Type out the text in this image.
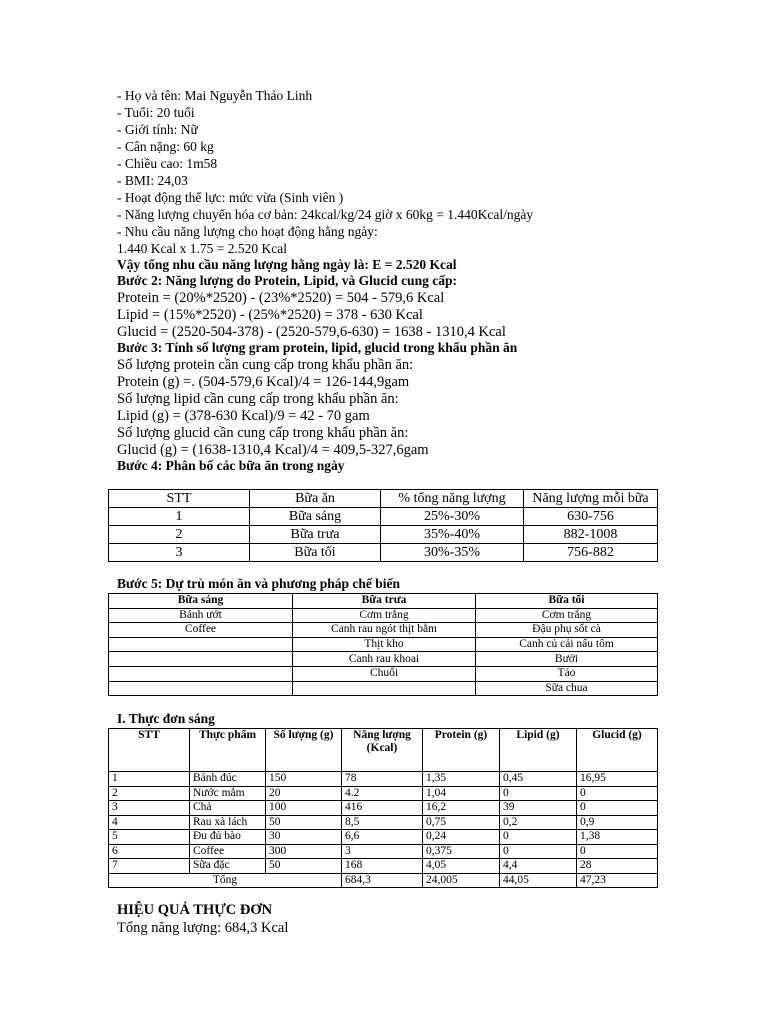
- Họ và tên: Mai Nguyễn Thảo Linh
- Tuổi: 20 tuổi
- Giới tính: Nữ
- Cân nặng: 60 kg
- Chiều cao: 1m58
- BMI: 24,03
- Hoạt động thể lực: mức vừa (Sinh viên )
- Năng lượng chuyển hóa cơ bản: 24kcal/kg/24 giờ x 60kg = 1.440Kcal/ngày
- Nhu cầu năng lượng cho hoạt động hằng ngày:
1.440 Kcal x 1.75 = 2.520 Kcal
Vậy tổng nhu cầu năng lượng hằng ngày là: E = 2.520 Kcal
Bước 2: Năng lượng do Protein, Lipid, và Glucid cung cấp:
Protein = (20%*2520) - (23%*2520) = 504 - 579,6 Kcal
Lipid = (15%*2520) - (25%*2520) = 378 - 630 Kcal
Glucid = (2520-504-378) - (2520-579,6-630) = 1638 - 1310,4 Kcal
Bước 3: Tính số lượng gram protein, lipid, glucid trong khẩu phần ăn
Số lượng protein cần cung cấp trong khẩu phần ăn:
Protein (g) =. (504-579,6 Kcal)/4 = 126-144,9gam
Số lượng lipid cần cung cấp trong khẩu phần ăn:
Lipid (g) = (378-630 Kcal)/9 = 42 - 70 gam
Số lượng glucid cần cung cấp trong khẩu phần ăn:
Glucid (g) = (1638-1310,4 Kcal)/4 = 409,5-327,6gam
Bước 4: Phân bố các bữa ăn trong ngày
STT	Bữa ăn	% tổng năng lượng	Năng lượng mỗi bữa
1	Bữa sáng	25%-30%	630-756
2	Bữa trưa	35%-40%	882-1008
3	Bữa tối	30%-35%	756-882
Bước 5: Dự trù món ăn và phương pháp chế biến
Bữa sáng	Bữa trưa	Bữa tối
Bánh ướt	Cơm trắng	Cơm trắng
Coffee	Canh rau ngót thịt bằm	Đậu phụ sốt cà
	Thịt kho	Canh củ cải nấu tôm
	Canh rau khoai	Bưởi
	Chuối	Táo
		Sữa chua
I. Thực đơn sáng
STT	Thực phẩm	Số lượng (g)	Năng lượng (Kcal)	Protein (g)	Lipid (g)	Glucid (g)
1	Bánh đúc	150	78	1,35	0,45	16,95
2	Nước mắm	20	4.2	1,04	0	0
3	Chả	100	416	16,2	39	0
4	Rau xà lách	50	8,5	0,75	0,2	0,9
5	Đu đủ bào	30	6,6	0,24	0	1,38
6	Coffee	300	3	0,375	0	0
7	Sữa đặc	50	168	4,05	4,4	28
Tổng			684,3	24,005	44,05	47,23
HIỆU QUẢ THỰC ĐƠN
Tổng năng lượng: 684,3 Kcal
